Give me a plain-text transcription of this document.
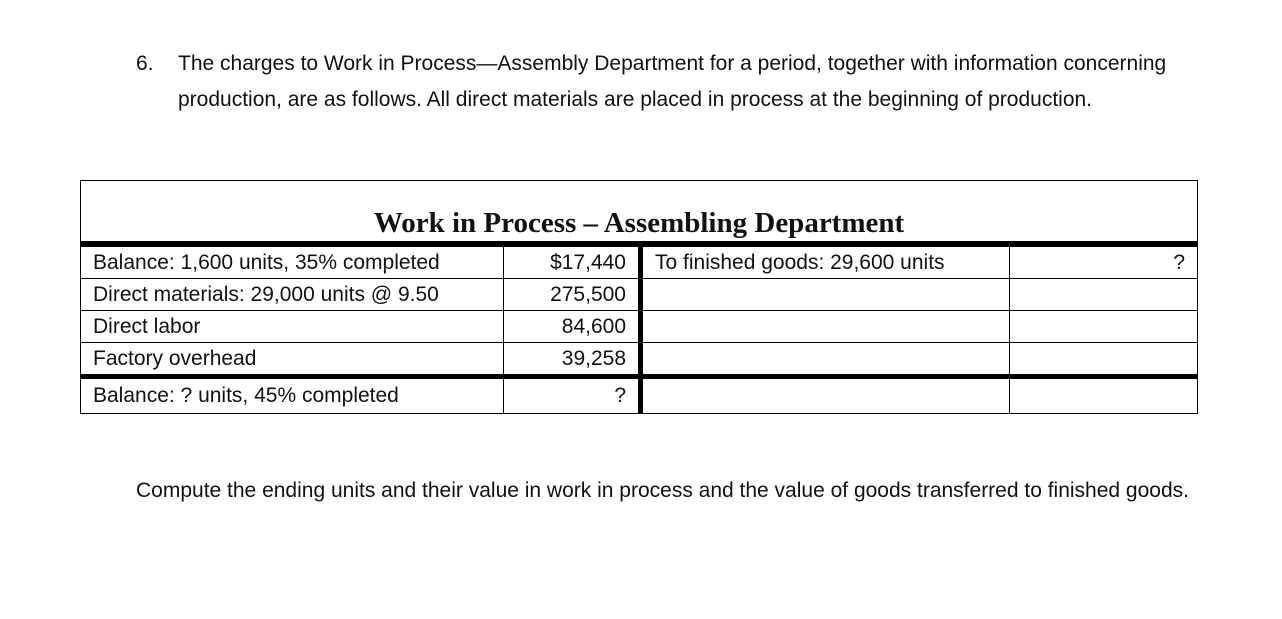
6. The charges to Work in Process—Assembly Department for a period, together with information concerning production, are as follows. All direct materials are placed in process at the beginning of production.
Work in Process – Assembling Department
Balance: 1,600 units, 35% completed	$17,440	To finished goods: 29,600 units	?
Direct materials: 29,000 units @ 9.50	275,500		
Direct labor	84,600		
Factory overhead	39,258		
Balance: ? units, 45% completed	?		
Compute the ending units and their value in work in process and the value of goods transferred to finished goods.
